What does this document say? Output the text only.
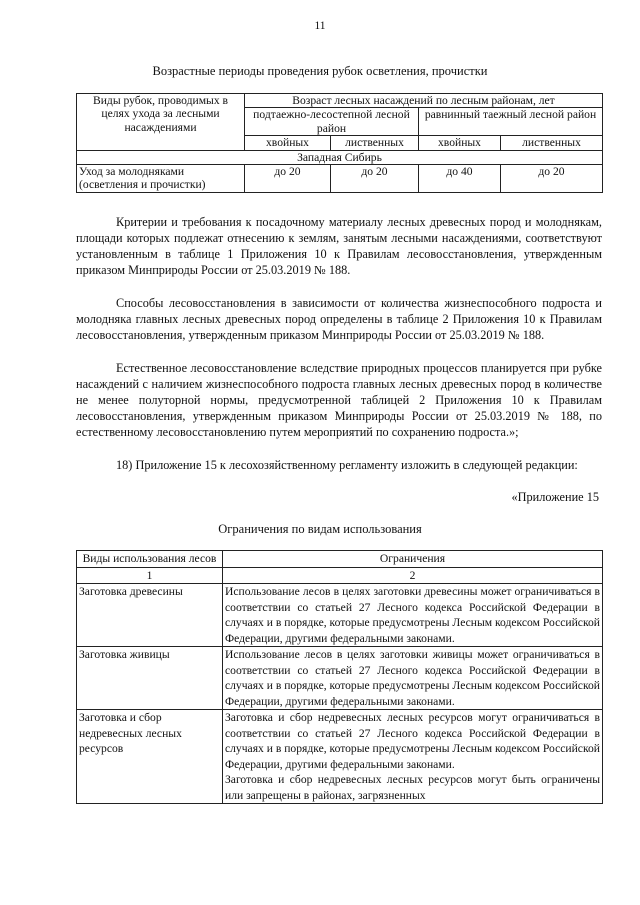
11
Возрастные периоды проведения рубок осветления, прочистки
Виды рубок, проводимых в целях ухода за лесными насаждениями	Возраст лесных насаждений по лесным районам, лет			
	подтаежно-лесостепной лесной район		равнинный таежный лесной район	
	хвойных	лиственных	хвойных	лиственных
Западная Сибирь				
Уход за молодняками (осветления и прочистки)	до 20	до 20	до 40	до 20
Критерии и требования к посадочному материалу лесных древесных пород и молоднякам, площади которых подлежат отнесению к землям, занятым лесными насаждениями, соответствуют установленным в таблице 1 Приложения 10 к Правилам лесовосстановления, утвержденным приказом Минприроды России от 25.03.2019 № 188.
Способы лесовосстановления в зависимости от количества жизнеспособного подроста и молодняка главных лесных древесных пород определены в таблице 2 Приложения 10 к Правилам лесовосстановления, утвержденным приказом Минприроды России от 25.03.2019 № 188.
Естественное лесовосстановление вследствие природных процессов планируется при рубке насаждений с наличием жизнеспособного подроста главных лесных древесных пород в количестве не менее полуторной нормы, предусмотренной таблицей 2 Приложения 10 к Правилам лесовосстановления, утвержденным приказом Минприроды России от 25.03.2019 № 188, по естественному лесовосстановлению путем мероприятий по сохранению подроста.»;
18) Приложение 15 к лесохозяйственному регламенту изложить в следующей редакции:
«Приложение 15
Ограничения по видам использования
Виды использования лесов	Ограничения
1	2
Заготовка древесины	Использование лесов в целях заготовки древесины может ограничиваться в соответствии со статьей 27 Лесного кодекса Российской Федерации в случаях и в порядке, которые предусмотрены Лесным кодексом Российской Федерации, другими федеральными законами.
Заготовка живицы	Использование лесов в целях заготовки живицы может ограничиваться в соответствии со статьей 27 Лесного кодекса Российской Федерации в случаях и в порядке, которые предусмотрены Лесным кодексом Российской Федерации, другими федеральными законами.
Заготовка и сбор недревесных лесных ресурсов	Заготовка и сбор недревесных лесных ресурсов могут ограничиваться в соответствии со статьей 27 Лесного кодекса Российской Федерации в случаях и в порядке, которые предусмотрены Лесным кодексом Российской Федерации, другими федеральными законами.
Заготовка и сбор недревесных лесных ресурсов могут быть ограничены или запрещены в районах, загрязненных
